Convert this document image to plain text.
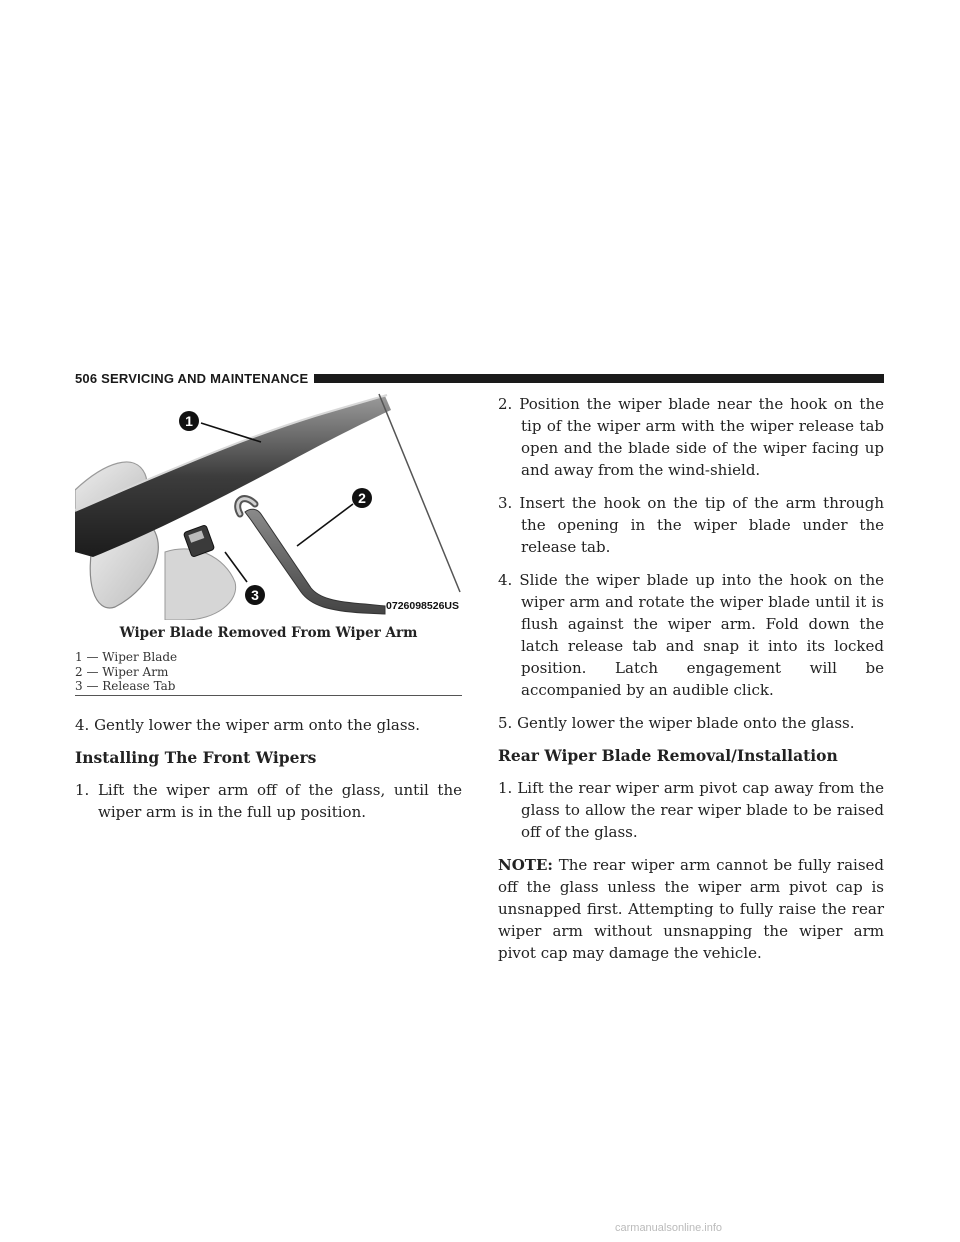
506 SERVICING AND MAINTENANCE
1
2
3
0726098526US
Wiper Blade Removed From Wiper Arm
1 — Wiper Blade
2 — Wiper Arm
3 — Release Tab

4. Gently lower the wiper arm onto the glass.

Installing The Front Wipers

1. Lift the wiper arm off of the glass, until the wiper arm is in the full up position.

2. Position the wiper blade near the hook on the tip of the wiper arm with the wiper release tab open and the blade side of the wiper facing up and away from the wind-shield.

3. Insert the hook on the tip of the arm through the opening in the wiper blade under the release tab.

4. Slide the wiper blade up into the hook on the wiper arm and rotate the wiper blade until it is flush against the wiper arm. Fold down the latch release tab and snap it into its locked position. Latch engagement will be accompanied by an audible click.

5. Gently lower the wiper blade onto the glass.

Rear Wiper Blade Removal/Installation

1. Lift the rear wiper arm pivot cap away from the glass to allow the rear wiper blade to be raised off of the glass.

NOTE: The rear wiper arm cannot be fully raised off the glass unless the wiper arm pivot cap is unsnapped first. Attempting to fully raise the rear wiper arm without unsnapping the wiper arm pivot cap may damage the vehicle.

carmanualsonline.info
